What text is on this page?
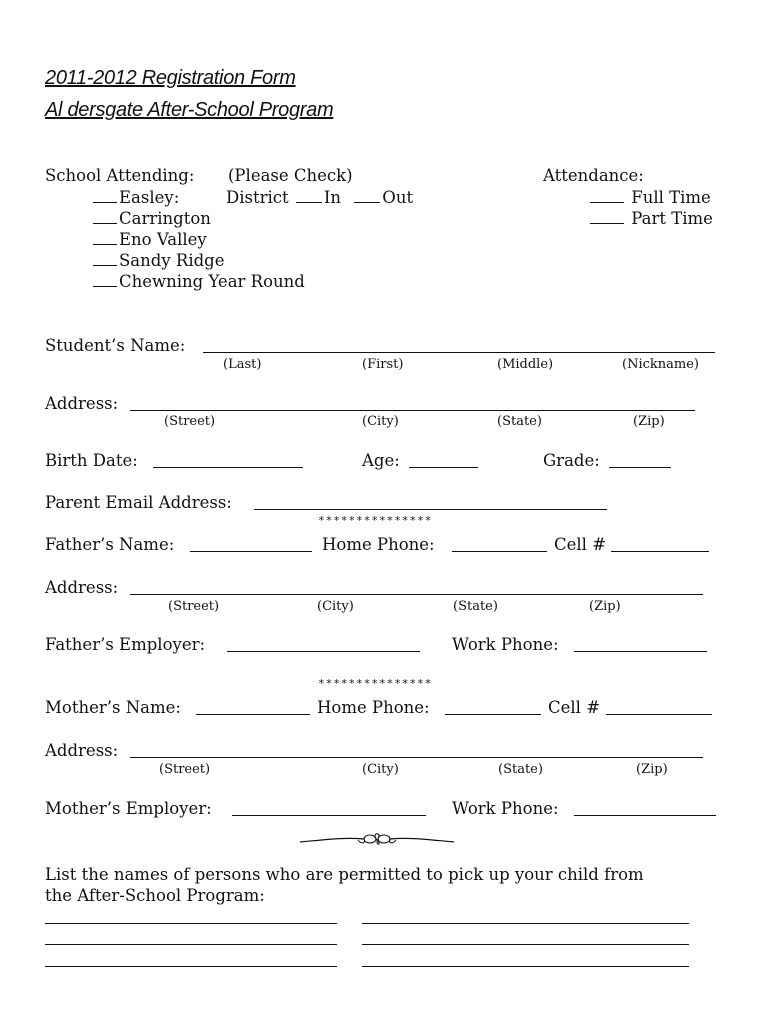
2011-2012 Registration Form
Al dersgate After-School Program
School Attending: (Please Check)
Easley:	District In	Out
Carrington
Eno Valley
Sandy Ridge
Chewning Year Round
Attendance:
Full Time
Part Time
Student’s Name:
(Last)	(First)	(Middle)	(Nickname)
Address:
(Street)	(City)	(State)	(Zip)
Birth Date:	Age:	Grade:
Parent Email Address:
***************
Father’s Name:	Home Phone:	Cell #
Address:
(Street)	(City)	(State)	(Zip)
Father’s Employer:	Work Phone:
***************
Mother’s Name:	Home Phone:	Cell #
Address:
(Street)	(City)	(State)	(Zip)
Mother’s Employer:	Work Phone:
List the names of persons who are permitted to pick up your child from
the After-School Program:
